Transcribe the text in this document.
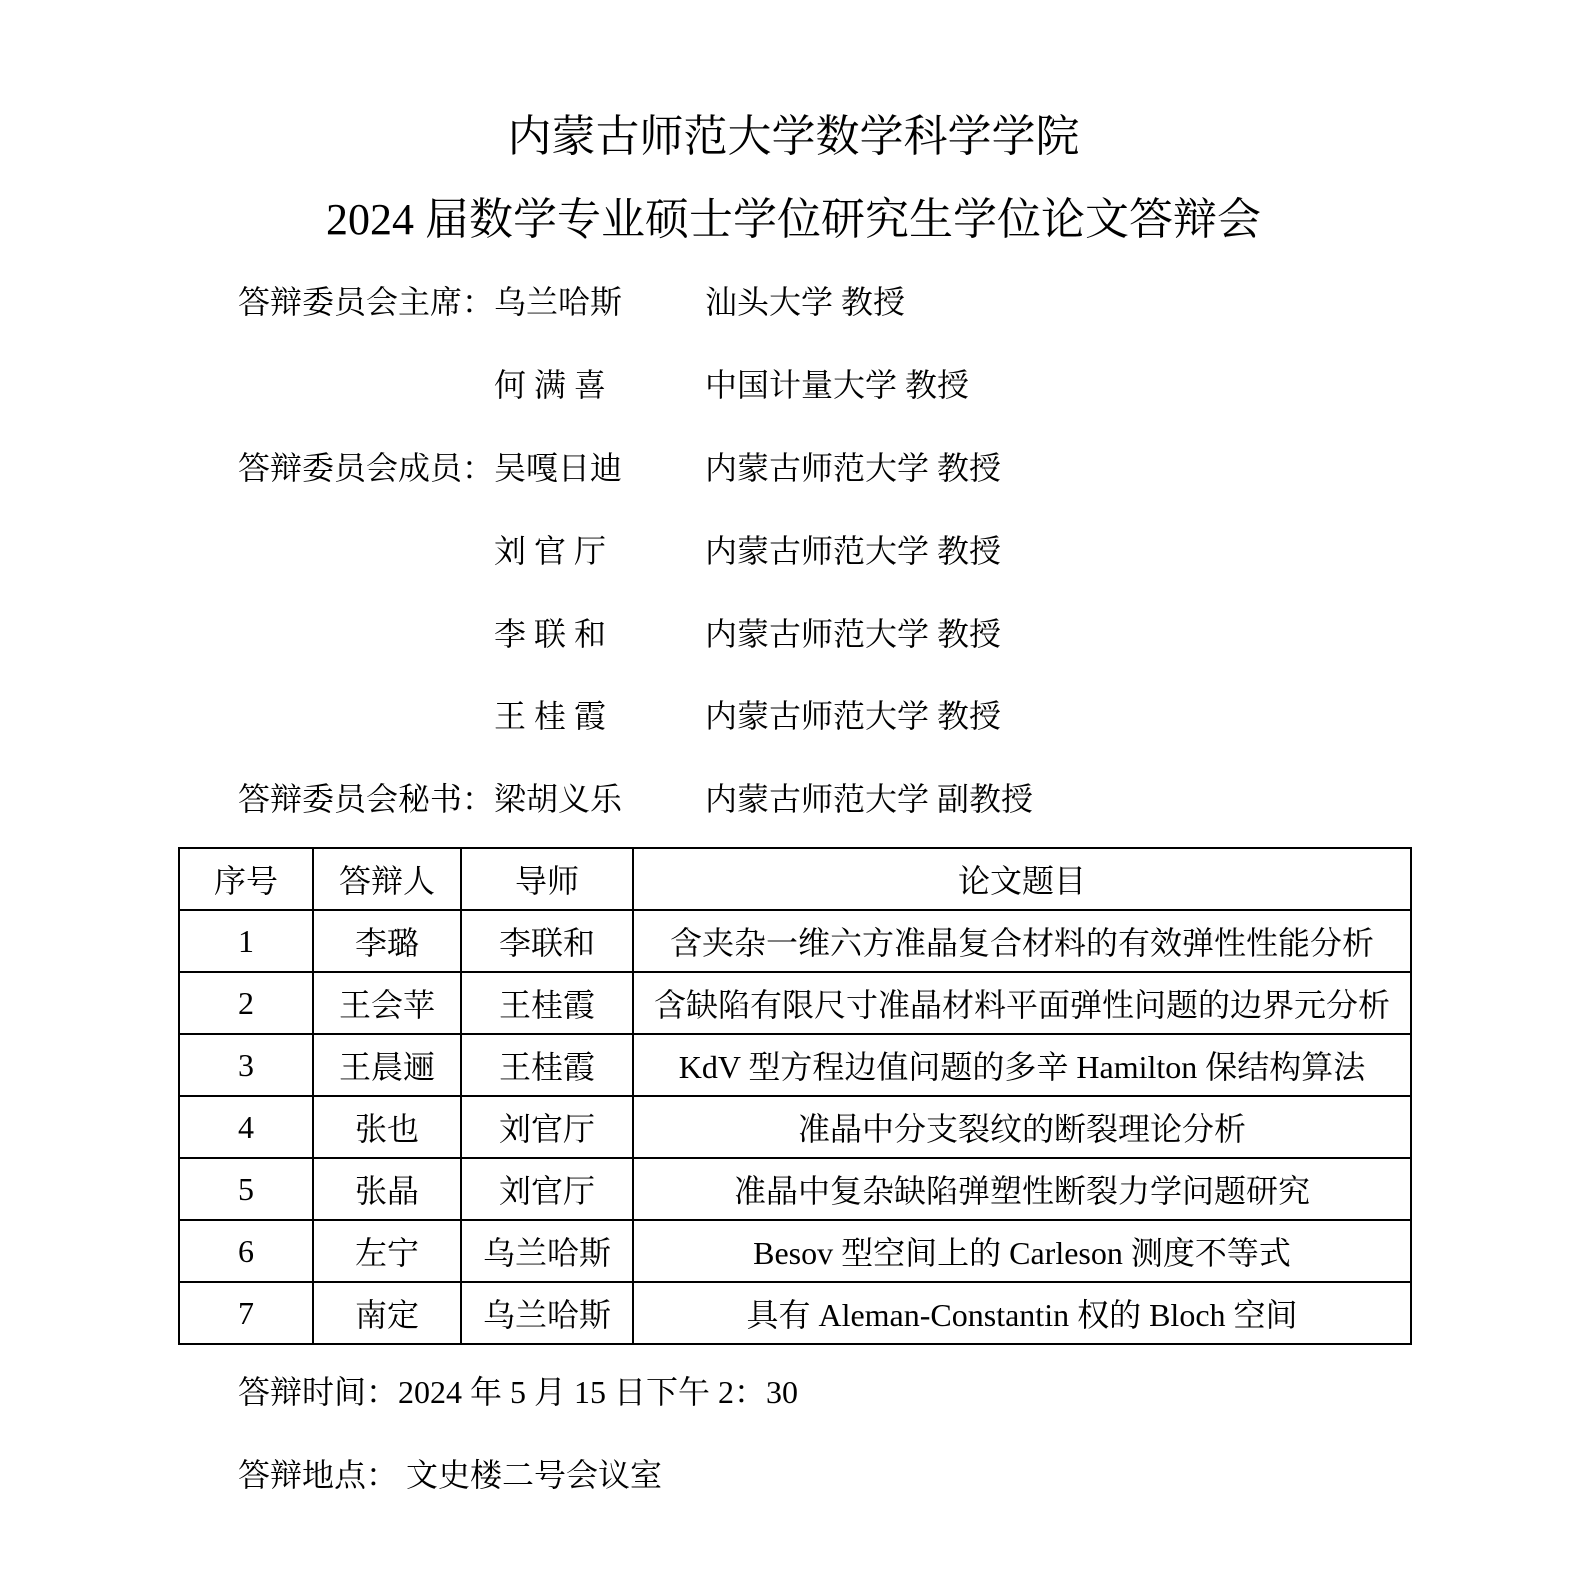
内蒙古师范大学数学科学学院
2024 届数学专业硕士学位研究生学位论文答辩会
答辩委员会主席： 乌兰哈斯	汕头大学 教授
何 满 喜	中国计量大学 教授
答辩委员会成员： 吴嘎日迪	内蒙古师范大学 教授
刘 官 厅	内蒙古师范大学 教授
李 联 和	内蒙古师范大学 教授
王 桂 霞	内蒙古师范大学 教授
答辩委员会秘书： 梁胡义乐	内蒙古师范大学 副教授
序号	答辩人	导师	论文题目
1	李璐	李联和	含夹杂一维六方准晶复合材料的有效弹性性能分析
2	王会苹	王桂霞	含缺陷有限尺寸准晶材料平面弹性问题的边界元分析
3	王晨逦	王桂霞	KdV 型方程边值问题的多辛 Hamilton 保结构算法
4	张也	刘官厅	准晶中分支裂纹的断裂理论分析
5	张晶	刘官厅	准晶中复杂缺陷弹塑性断裂力学问题研究
6	左宁	乌兰哈斯	Besov 型空间上的 Carleson 测度不等式
7	南定	乌兰哈斯	具有 Aleman-Constantin 权的 Bloch 空间
答辩时间：2024 年 5 月 15 日下午 2：30
答辩地点： 文史楼二号会议室
